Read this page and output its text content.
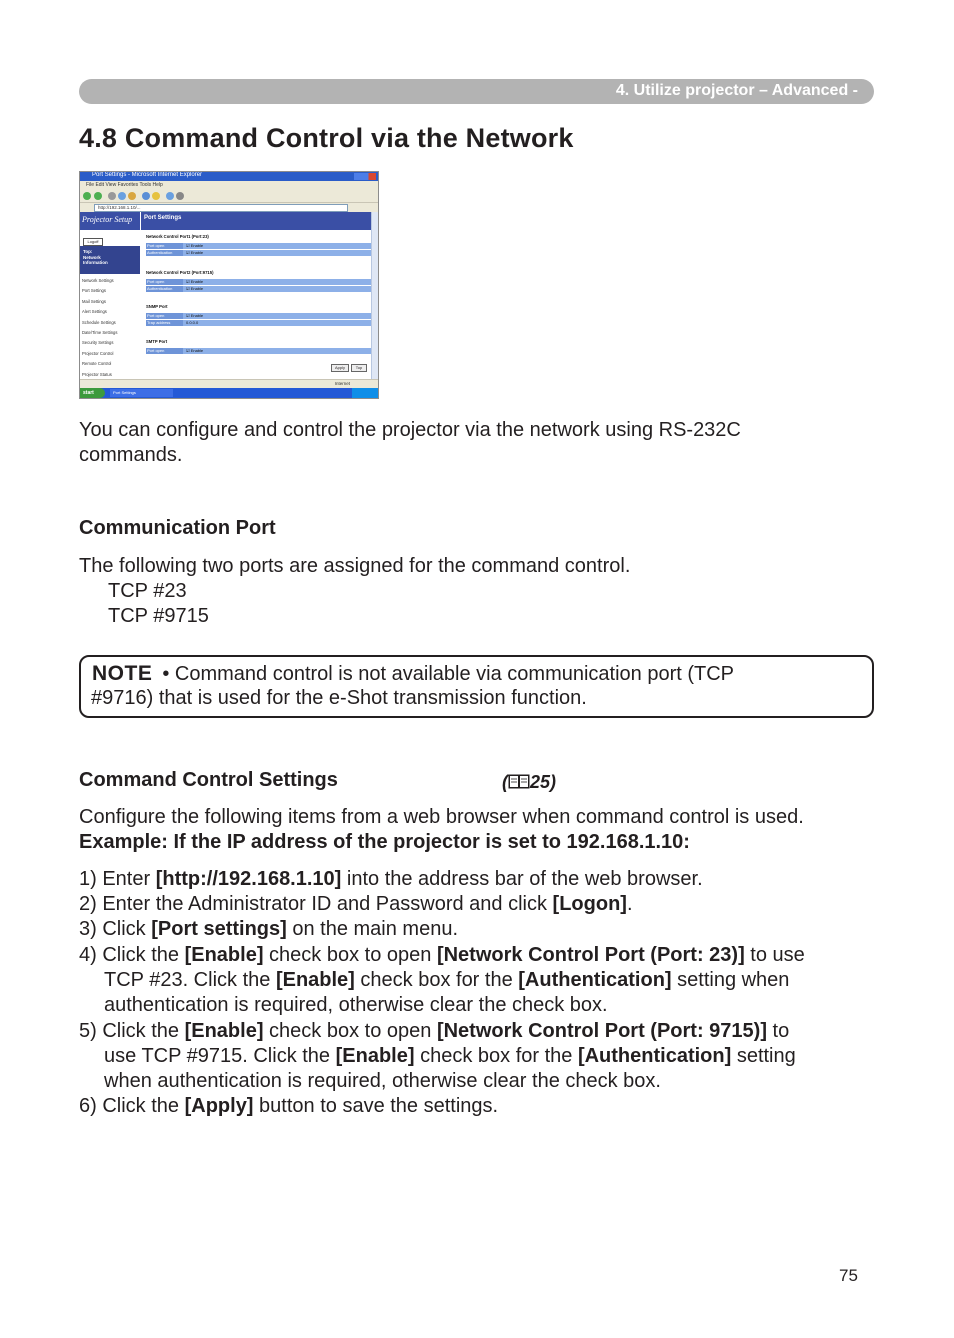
4. Utilize projector – Advanced -
4.8 Command Control via the Network
Port Settings - Microsoft Internet Explorer
File Edit View Favorites Tools Help
http://192.168.1.10/...
Projector Setup
Logoff
Top:
Network
Information
Network Settings
Port Settings
Mail Settings
Alert Settings
Schedule Settings
Date/Time Settings
Security Settings
Projector Control
Remote Control
Projector Status
Port Settings
Network Control Port1 (Port:23)
Port open	☑ Enable
Authentication	☑ Enable
Network Control Port2 (Port:9715)
Port open	☑ Enable
Authentication	☑ Enable
SNMP Port
Port open	☑ Enable
Trap address	0.0.0.0
SMTP Port
Port open	☑ Enable
Apply	Top
Internet
start	Port Settings
You can configure and control the projector via the network using RS-232C
commands.
Communication Port
The following two ports are assigned for the command control.
TCP #23
TCP #9715
NOTE • Command control is not available via communication port (TCP
#9716) that is used for the e-Shot transmission function.
Command Control Settings	( 25)
Configure the following items from a web browser when command control is used.
Example: If the IP address of the projector is set to 192.168.1.10:
1) Enter [http://192.168.1.10] into the address bar of the web browser.
2) Enter the Administrator ID and Password and click [Logon].
3) Click [Port settings] on the main menu.
4) Click the [Enable] check box to open [Network Control Port (Port: 23)] to use
TCP #23. Click the [Enable] check box for the [Authentication] setting when
authentication is required, otherwise clear the check box.
5) Click the [Enable] check box to open [Network Control Port (Port: 9715)] to
use TCP #9715. Click the [Enable] check box for the [Authentication] setting
when authentication is required, otherwise clear the check box.
6) Click the [Apply] button to save the settings.
75
